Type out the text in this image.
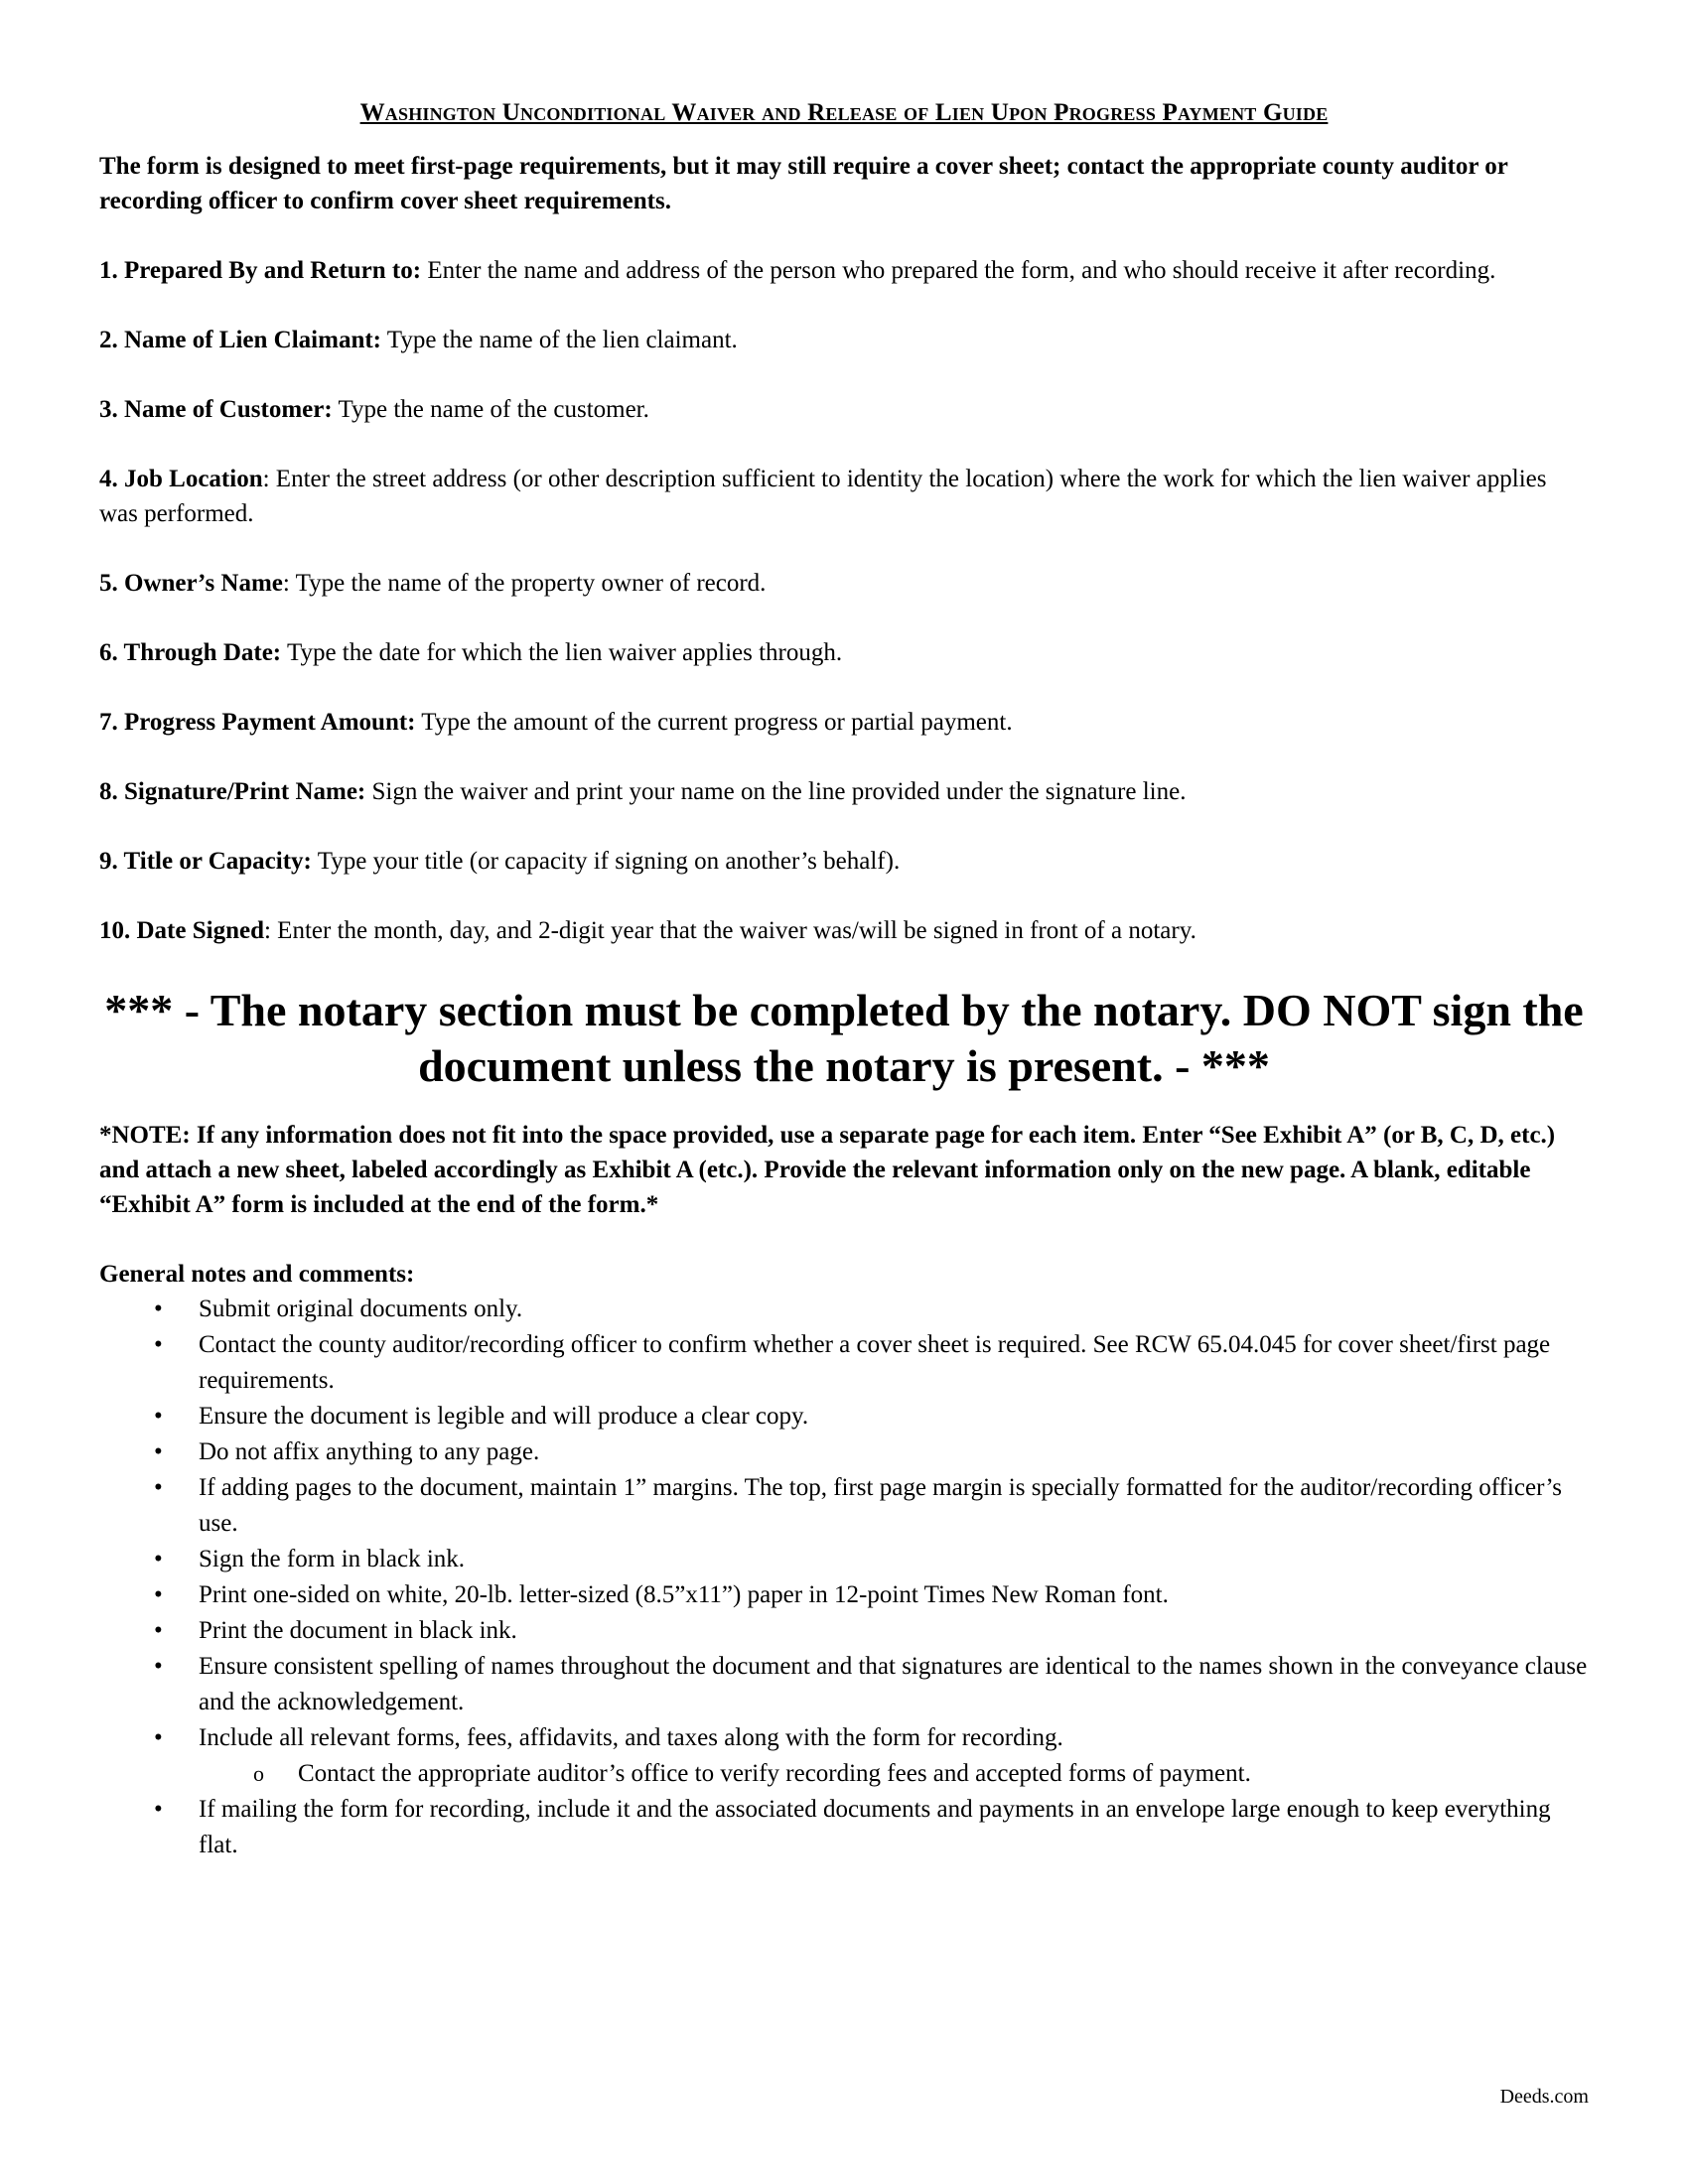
Washington Unconditional Waiver and Release of Lien Upon Progress Payment Guide
The form is designed to meet first-page requirements, but it may still require a cover sheet; contact the appropriate county auditor or recording officer to confirm cover sheet requirements.
1. Prepared By and Return to: Enter the name and address of the person who prepared the form, and who should receive it after recording.
2. Name of Lien Claimant: Type the name of the lien claimant.
3. Name of Customer: Type the name of the customer.
4. Job Location: Enter the street address (or other description sufficient to identity the location) where the work for which the lien waiver applies was performed.
5. Owner’s Name: Type the name of the property owner of record.
6. Through Date: Type the date for which the lien waiver applies through.
7. Progress Payment Amount: Type the amount of the current progress or partial payment.
8. Signature/Print Name: Sign the waiver and print your name on the line provided under the signature line.
9. Title or Capacity: Type your title (or capacity if signing on another’s behalf).
10. Date Signed: Enter the month, day, and 2-digit year that the waiver was/will be signed in front of a notary.
*** - The notary section must be completed by the notary. DO NOT sign the document unless the notary is present. - ***
*NOTE: If any information does not fit into the space provided, use a separate page for each item. Enter “See Exhibit A” (or B, C, D, etc.) and attach a new sheet, labeled accordingly as Exhibit A (etc.). Provide the relevant information only on the new page. A blank, editable “Exhibit A” form is included at the end of the form.*
General notes and comments:
• Submit original documents only.
• Contact the county auditor/recording officer to confirm whether a cover sheet is required. See RCW 65.04.045 for cover sheet/first page requirements.
• Ensure the document is legible and will produce a clear copy.
• Do not affix anything to any page.
• If adding pages to the document, maintain 1” margins. The top, first page margin is specially formatted for the auditor/recording officer’s use.
• Sign the form in black ink.
• Print one-sided on white, 20-lb. letter-sized (8.5”x11”) paper in 12-point Times New Roman font.
• Print the document in black ink.
• Ensure consistent spelling of names throughout the document and that signatures are identical to the names shown in the conveyance clause and the acknowledgement.
• Include all relevant forms, fees, affidavits, and taxes along with the form for recording.
o Contact the appropriate auditor’s office to verify recording fees and accepted forms of payment.
• If mailing the form for recording, include it and the associated documents and payments in an envelope large enough to keep everything flat.
Deeds.com
